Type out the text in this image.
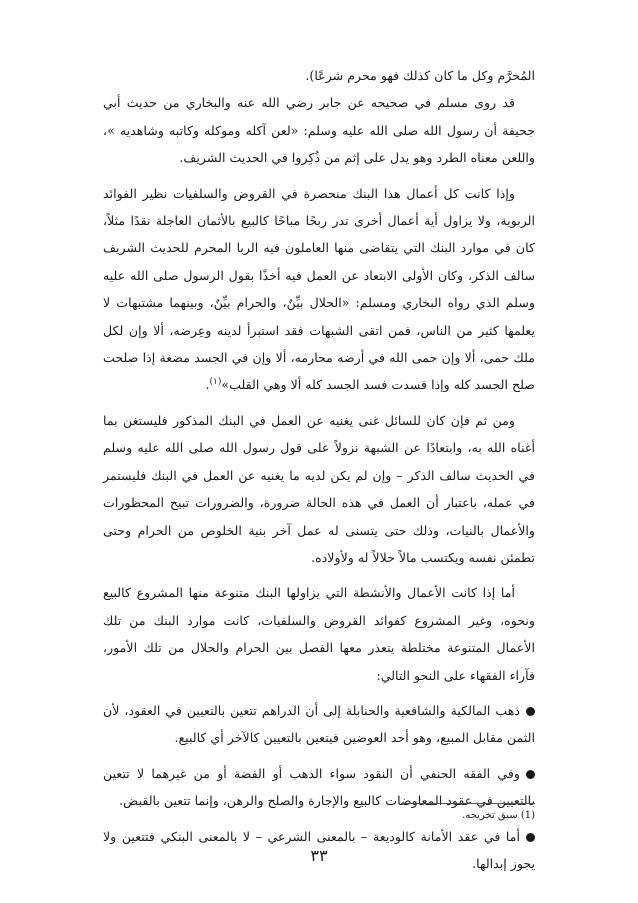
المُحرَّم وكل ما كان كذلك فهو محرم شرعًا).

قد روى مسلم في صحيحه عن جابر رضي الله عنه والبخاري من حديث أبي جحيفة أن رسول الله صلى الله عليه وسلم: «لعن آكله وموكله وكاتبه وشاهديه »، واللعن معناه الطرد وهو يدل على إثم من ذُكِروا في الحديث الشريف.

وإذا كانت كل أعمال هذا البنك منحصرة في القروض والسلفيات نظير الفوائد الربوية، ولا يزاول أية أعمال أخرى تدر ربحًا مباحًا كالبيع بالأثمان العاجلة نقدًا مثلاً، كان في موارد البنك التي يتقاضى منها العاملون فيه الربا المحرم للحديث الشريف سالف الذكر، وكان الأولى الابتعاد عن العمل فيه أخذًا بقول الرسول صلى الله عليه وسلم الذي رواه البخاري ومسلم: «الحلال بيِّنٌ، والحرام بيِّنٌ، وبينهما مشتبهات لا يعلمها كثير من الناس، فمن اتقى الشبهات فقد استبرأ لدينه وعِرضه، ألا وإن لكل ملك حمى، ألا وإن حمى الله في أرضه محارمه، ألا وإن في الجسد مضغة إذا صلحت صلح الجسد كله وإذا فسدت فسد الجسد كله ألا وهي القلب»$^{(١)}$.

ومن ثم فإن كان للسائل غنى يغنيه عن العمل في البنك المذكور فليستغن بما أغناه الله به، وابتعادًا عن الشبهة نزولاً على قول رسول الله صلى الله عليه وسلم في الحديث سالف الذكر – وإن لم يكن لديه ما يغنيه عن العمل في البنك فليستمر في عمله، باعتبار أن العمل في هذه الحالة ضرورة، والضرورات تبيح المحظورات والأعمال بالنيات، وذلك حتى يتسنى له عمل آخر بنية الخلوص من الحرام وحتى تطمئن نفسه ويكتسب مالاً حلالاً له ولأولاده.

أما إذا كانت الأعمال والأنشطة التي يزاولها البنك متنوعة منها المشروع كالبيع ونحوه، وغير المشروع كفوائد القروض والسلفيات، كانت موارد البنك من تلك الأعمال المتنوعة مختلطة يتعذر معها الفصل بين الحرام والحلال من تلك الأمور، فآراء الفقهاء على النحو التالي:

ذهب المالكية والشافعية والحنابلة إلى أن الدراهم تتعين بالتعيين في العقود، لأن الثمن مقابل المبيع، وهو أحد العوضين فيتعين بالتعيين كالآخر أي كالبيع.

وفي الفقه الحنفي أن النقود سواء الذهب أو الفضة أو من غيرهما لا تتعين بالتعيين في عقود المعاوضات كالبيع والإجارة والصلح والرهن، وإنما تتعين بالقبض.

أما في عقد الأمانة كالوديعة – بالمعنى الشرعي – لا بالمعنى البنكي فتتعين ولا يجوز إبدالها.

(1) سبق تخريجه.
٣٣
